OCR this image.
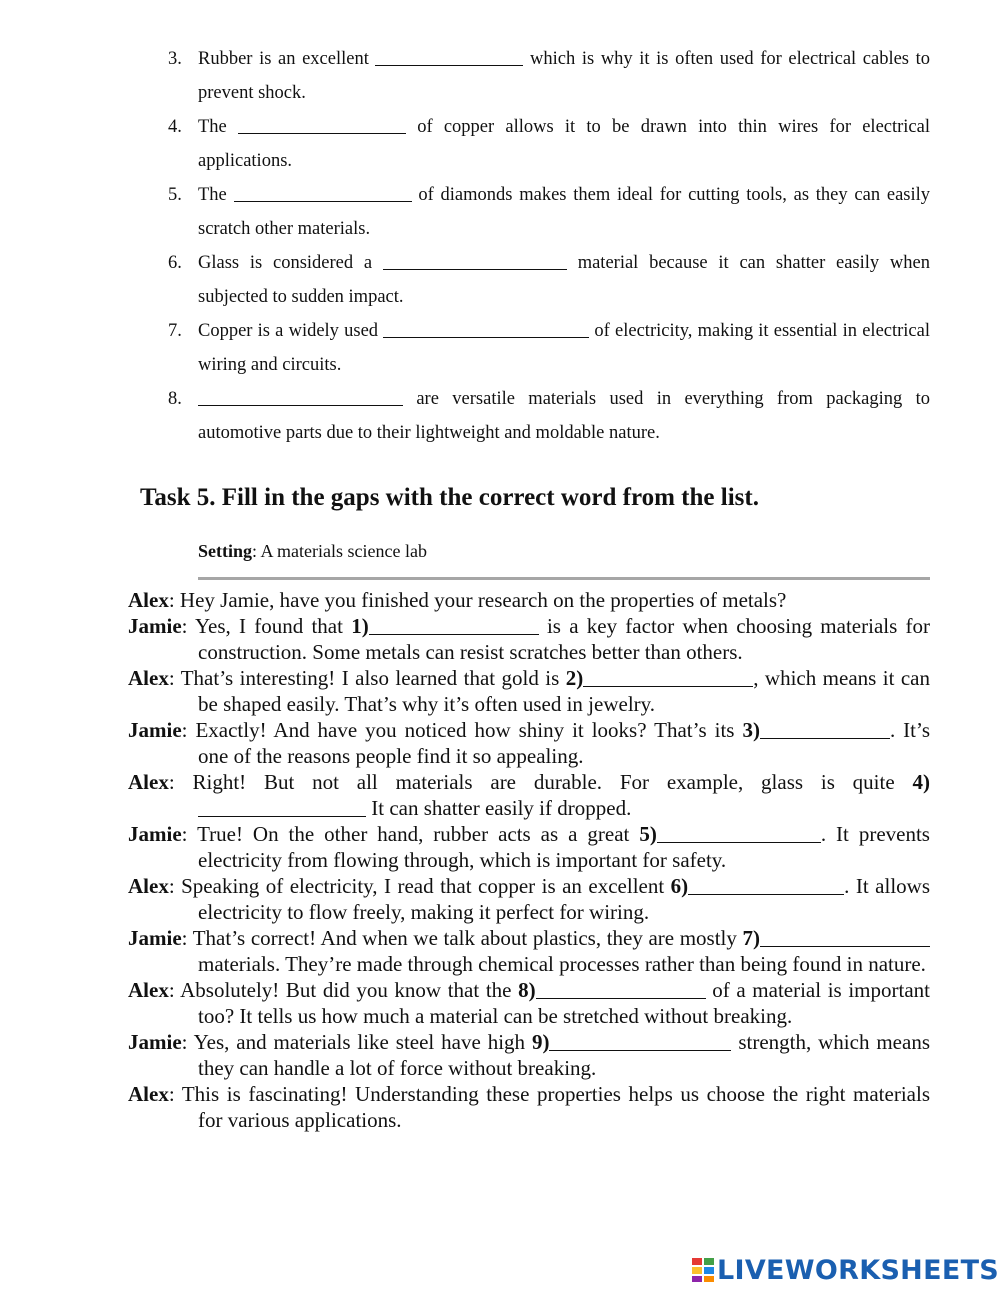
3. Rubber is an excellent	which is why it is often used for electrical cables to prevent shock.
4. The	of copper allows it to be drawn into thin wires for electrical applications.
5. The	of diamonds makes them ideal for cutting tools, as they can easily scratch other materials.
6. Glass is considered a	material because it can shatter easily when subjected to sudden impact.
7. Copper is a widely used	of electricity, making it essential in electrical wiring and circuits.
8.	are versatile materials used in everything from packaging to automotive parts due to their lightweight and moldable nature.
Task 5. Fill in the gaps with the correct word from the list.
Setting: A materials science lab
Alex: Hey Jamie, have you finished your research on the properties of metals?
Jamie: Yes, I found that 1)	is a key factor when choosing materials for construction. Some metals can resist scratches better than others.
Alex: That’s interesting! I also learned that gold is 2)	, which means it can be shaped easily. That’s why it’s often used in jewelry.
Jamie: Exactly! And have you noticed how shiny it looks? That’s its 3)	. It’s one of the reasons people find it so appealing.
Alex: Right! But not all materials are durable. For example, glass is quite 4) It can shatter easily if dropped.
Jamie: True! On the other hand, rubber acts as a great 5)	. It prevents electricity from flowing through, which is important for safety.
Alex: Speaking of electricity, I read that copper is an excellent 6)	. It allows electricity to flow freely, making it perfect for wiring.
Jamie: That’s correct! And when we talk about plastics, they are mostly 7) materials. They’re made through chemical processes rather than being found in nature.
Alex: Absolutely! But did you know that the 8)	of a material is important too? It tells us how much a material can be stretched without breaking.
Jamie: Yes, and materials like steel have high 9)	strength, which means they can handle a lot of force without breaking.
Alex: This is fascinating! Understanding these properties helps us choose the right materials for various applications.
LIVEWORKSHEETS
